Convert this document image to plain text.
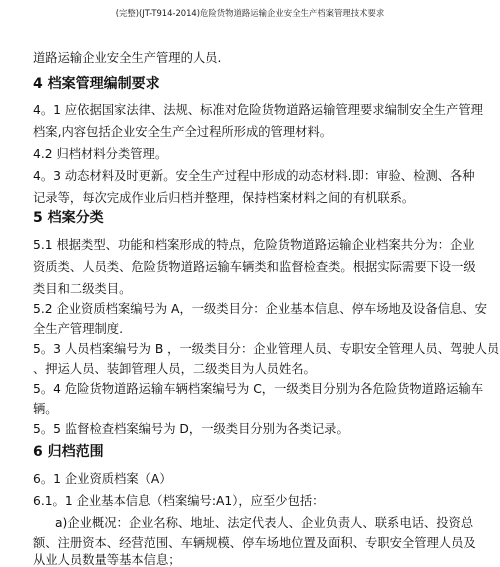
(完整)(JT-T914-2014)危险货物道路运输企业安全生产档案管理技术要求
道路运输企业安全生产管理的人员.
4 档案管理编制要求
4。1 应依据国家法律、法规、标准对危险货物道路运输管理要求编制安全生产管理
档案,内容包括企业安全生产全过程所形成的管理材料。
4.2 归档材料分类管理。
4。3 动态材料及时更新。安全生产过程中形成的动态材料.即：审验、检测、各种
记录等，每次完成作业后归档并整理，保持档案材料之间的有机联系。
5 档案分类
5.1 根据类型、功能和档案形成的特点，危险货物道路运输企业档案共分为：企业
资质类、人员类、危险货物道路运输车辆类和监督检查类。根据实际需要下设一级
类目和二级类目。
5.2 企业资质档案编号为 A，一级类目分：企业基本信息、停车场地及设备信息、安
全生产管理制度.
5。3 人员档案编号为 B ，一级类目分：企业管理人员、专职安全管理人员、驾驶人员
、押运人员、装卸管理人员，二级类目为人员姓名。
5。4 危险货物道路运输车辆档案编号为 C，一级类目分别为各危险货物道路运输车
辆。
5。5 监督检查档案编号为 D，一级类目分别为各类记录。
6 归档范围
6。1 企业资质档案（A）
6.1。1 企业基本信息（档案编号:A1），应至少包括：
a)企业概况：企业名称、地址、法定代表人、企业负责人、联系电话、投资总
额、注册资本、经营范围、车辆规模、停车场地位置及面积、专职安全管理人员及
从业人员数量等基本信息；
